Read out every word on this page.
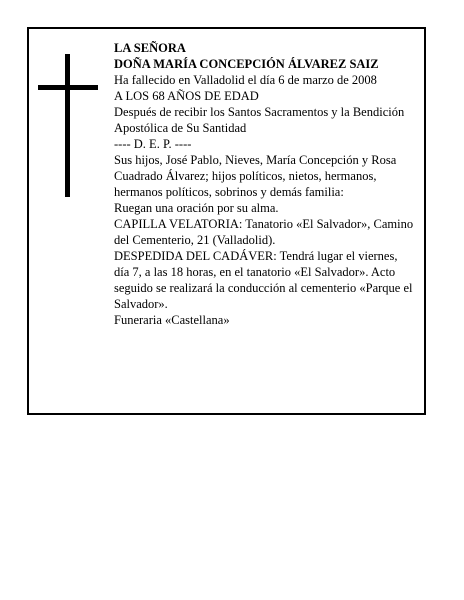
LA SEÑORA

DOÑA MARÍA CONCEPCIÓN ÁLVAREZ SAIZ

Ha fallecido en Valladolid el día 6 de marzo de 2008

A LOS 68 AÑOS DE EDAD

Después de recibir los Santos Sacramentos y la Bendición Apostólica de Su Santidad

---- D. E. P. ----

Sus hijos, José Pablo, Nieves, María Concepción y Rosa Cuadrado Álvarez; hijos políticos, nietos, hermanos, hermanos políticos, sobrinos y demás familia:

Ruegan una oración por su alma.

CAPILLA VELATORIA: Tanatorio «El Salvador», Camino del Cementerio, 21 (Valladolid).

DESPEDIDA DEL CADÁVER: Tendrá lugar el viernes, día 7, a las 18 horas, en el tanatorio «El Salvador». Acto seguido se realizará la conducción al cementerio «Parque el Salvador».

Funeraria «Castellana»
